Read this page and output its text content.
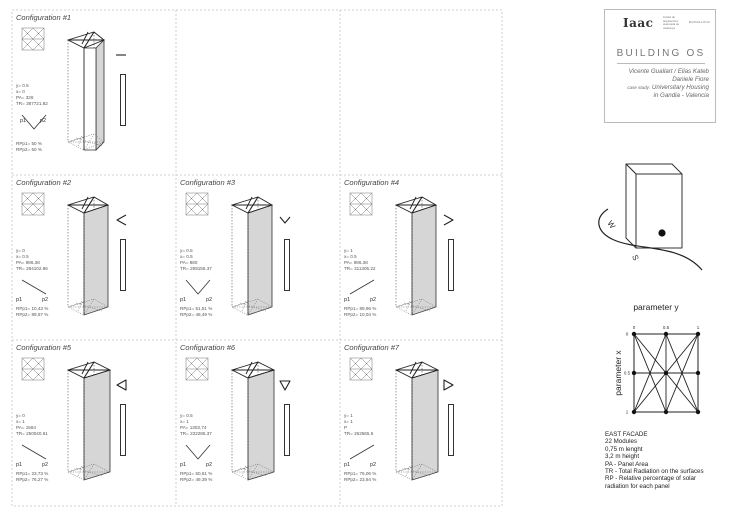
Configuration #1
y= 0.5
x= 0
PA= 326
TR= 387721.82
p1	p2
RPp1= 50 %
RPp2= 50 %
Configuration #2
y= 0
x= 0.5
PA= 986.38
TR= 284102.86
p1	p2
RPp1= 10,43 %
RPp2= 89,57 %
Configuration #3
y= 0.5
x= 0.5
PA= 880
TR= 269155.37
p1	p2
RPp1= 51,51 %
RPp2= 48,49 %
Configuration #4
y= 1
x= 0.5
PA= 986.38
TR= 311306.22
p1	p2
RPp1= 89,96 %
RPp2= 10,04 %
Configuration #5
y= 0
x= 1
PA= 1584
TR= 250040.61
p1	p2
RPp1= 23,73 %
RPp2= 76,27 %
Configuration #6
y= 0.5
x= 1
PA= 1303,74
TR= 232285.37
p1	p2
RPp1= 50,61 %
RPp2= 49,39 %
Configuration #7
y= 1
x= 1
P
TR= 262565.5
p1	p2
RPp1= 76,06 %
RPp2= 23,94 %
Iaac	institut de arquitectura avançada de catalunya
BARCELONA
BUILDING OS
Vicente Guallart / Elias Kateb
Daniele Fiore
case study: Universitary Housing
in Gandia - Valencia
W
S
parameter y
parameter x
0	0.5	1
0
0.5
1
EAST FACADE
22 Modules
0,75 m lenght
3,2 m height
PA - Panel Area
TR - Total Radiation on the surfaces
RP - Relative percentage of solar
radiation for each panel
